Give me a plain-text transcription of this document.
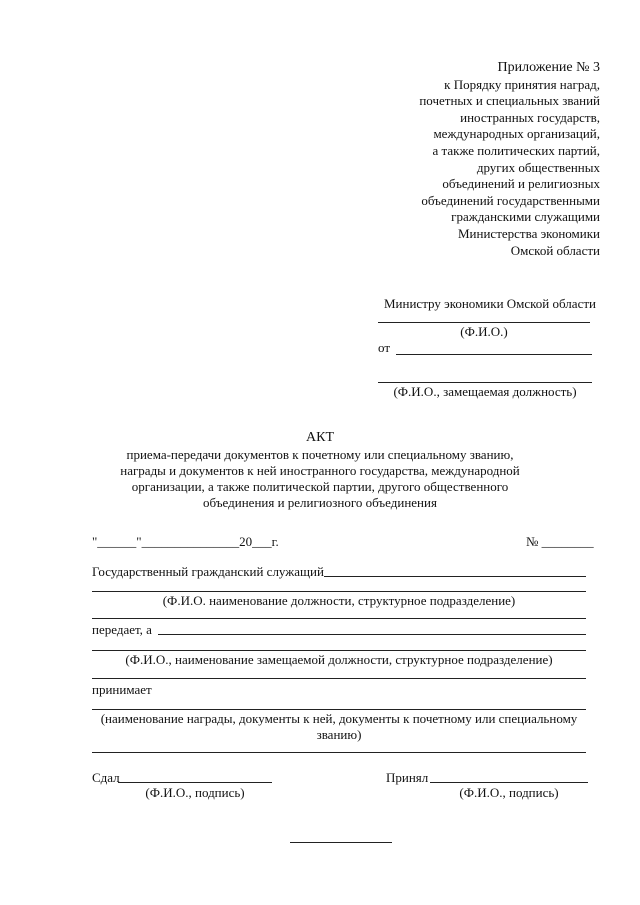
Приложение № 3
к Порядку принятия наград,
почетных и специальных званий
иностранных государств,
международных организаций,
а также политических партий,
других общественных
объединений и религиозных
объединений государственными
гражданскими служащими
Министерства экономики
Омской области
Министру экономики Омской области
(Ф.И.О.)
от
(Ф.И.О., замещаемая должность)
АКТ
приема-передачи документов к почетному или специальному званию,
награды и документов к ней иностранного государства, международной
организации, а также политической партии, другого общественного
объединения и религиозного объединения
"______"_______________20___г.	№ ________
Государственный гражданский служащий
(Ф.И.О. наименование должности, структурное подразделение)
передает, а
(Ф.И.О., наименование замещаемой должности, структурное подразделение)
принимает
(наименование награды, документы к ней, документы к почетному или специальному
званию)
Сдал
(Ф.И.О., подпись)
Принял
(Ф.И.О., подпись)
